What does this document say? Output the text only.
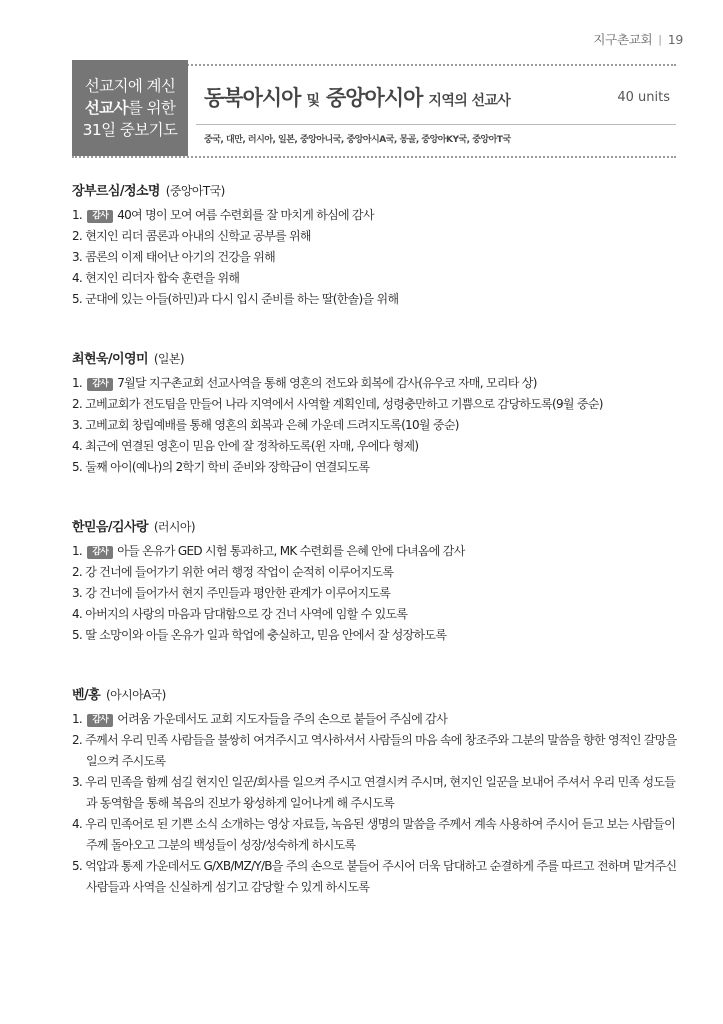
지구촌교회 | 19
선교지에 계신
선교사를 위한
31일 중보기도
동북아시아 및 중앙아시아 지역의 선교사	40 units
중국, 대만, 러시아, 일본, 중앙아니국, 중앙아시A국, 몽골, 중앙아KY국, 중앙아T국
장부르심/정소명 (중앙아T국)
1. 감사 40여 명이 모여 여름 수련회를 잘 마치게 하심에 감사
2. 현지인 리더 콤론과 아내의 신학교 공부를 위해
3. 콤론의 이제 태어난 아기의 건강을 위해
4. 현지인 리더자 합숙 훈련을 위해
5. 군대에 있는 아들(하민)과 다시 입시 준비를 하는 딸(한솔)을 위해
최현욱/이영미 (일본)
1. 감사 7월달 지구촌교회 선교사역을 통해 영혼의 전도와 회복에 감사(유우코 자매, 모리타 상)
2. 고베교회가 전도팀을 만들어 나라 지역에서 사역할 계획인데, 성령충만하고 기쁨으로 감당하도록(9월 중순)
3. 고베교회 창립예배를 통해 영혼의 회복과 은혜 가운데 드려지도록(10월 중순)
4. 최근에 연결된 영혼이 믿음 안에 잘 정착하도록(윈 자매, 우에다 형제)
5. 둘째 아이(예나)의 2학기 학비 준비와 장학금이 연결되도록
한믿음/김사랑 (러시아)
1. 감사 아들 온유가 GED 시험 통과하고, MK 수련회를 은혜 안에 다녀옴에 감사
2. 강 건너에 들어가기 위한 여러 행정 작업이 순적히 이루어지도록
3. 강 건너에 들어가서 현지 주민들과 평안한 관계가 이루어지도록
4. 아버지의 사랑의 마음과 담대함으로 강 건너 사역에 임할 수 있도록
5. 딸 소망이와 아들 온유가 일과 학업에 충실하고, 믿음 안에서 잘 성장하도록
벤/홍 (아시아A국)
1. 감사 어려움 가운데서도 교회 지도자들을 주의 손으로 붙들어 주심에 감사
2. 주께서 우리 민족 사람들을 불쌍히 여겨주시고 역사하셔서 사람들의 마음 속에 창조주와 그분의 말씀을 향한 영적인 갈망을 일으켜 주시도록
3. 우리 민족을 함께 섬길 현지인 일꾼/회사를 일으켜 주시고 연결시켜 주시며, 현지인 일꾼을 보내어 주셔서 우리 민족 성도들과 동역함을 통해 복음의 진보가 왕성하게 일어나게 해 주시도록
4. 우리 민족어로 된 기쁜 소식 소개하는 영상 자료들, 녹음된 생명의 말씀을 주께서 계속 사용하여 주시어 듣고 보는 사람들이 주께 돌아오고 그분의 백성들이 성장/성숙하게 하시도록
5. 억압과 통제 가운데서도 G/XB/MZ/Y/B을 주의 손으로 붙들어 주시어 더욱 담대하고 순결하게 주를 따르고 전하며 맡겨주신 사람들과 사역을 신실하게 섬기고 감당할 수 있게 하시도록
